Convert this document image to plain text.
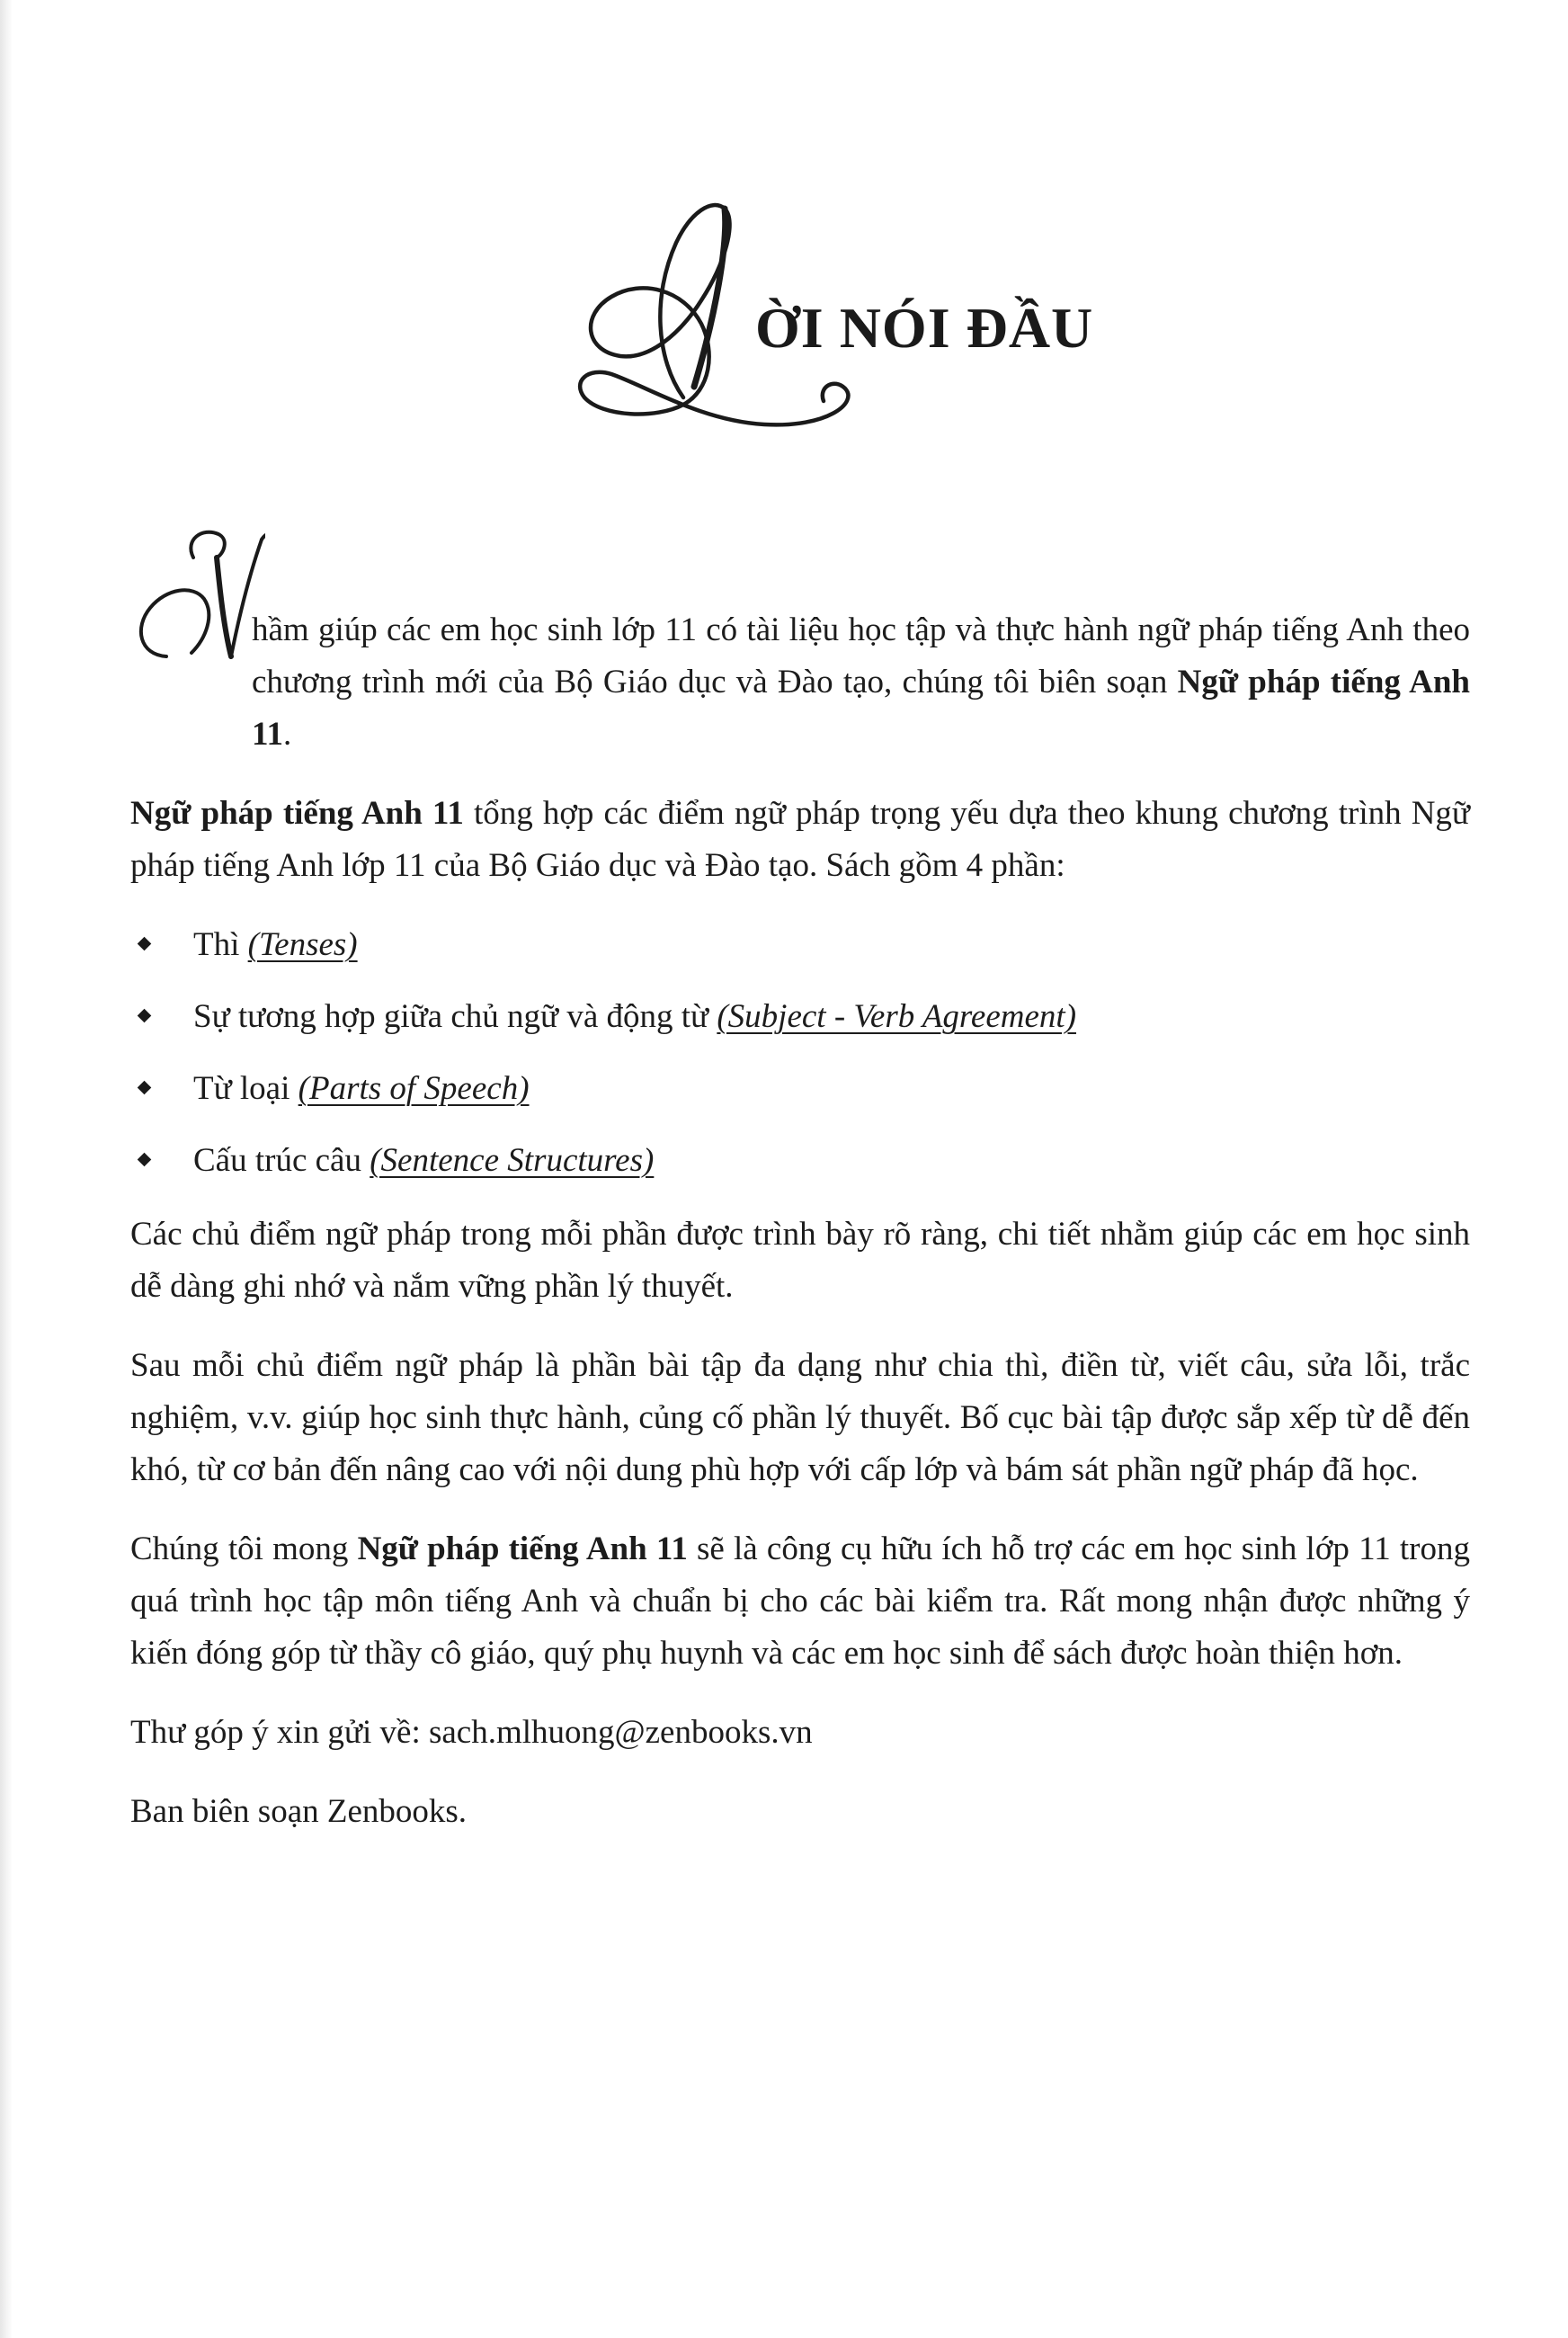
ỜI NÓI ĐẦU
hầm giúp các em học sinh lớp 11 có tài liệu học tập và thực hành ngữ pháp tiếng Anh theo chương trình mới của Bộ Giáo dục và Đào tạo, chúng tôi biên soạn Ngữ pháp tiếng Anh 11.

Ngữ pháp tiếng Anh 11 tổng hợp các điểm ngữ pháp trọng yếu dựa theo khung chương trình Ngữ pháp tiếng Anh lớp 11 của Bộ Giáo dục và Đào tạo. Sách gồm 4 phần:

Thì (Tenses)
Sự tương hợp giữa chủ ngữ và động từ (Subject - Verb Agreement)
Từ loại (Parts of Speech)
Cấu trúc câu (Sentence Structures)

Các chủ điểm ngữ pháp trong mỗi phần được trình bày rõ ràng, chi tiết nhằm giúp các em học sinh dễ dàng ghi nhớ và nắm vững phần lý thuyết.

Sau mỗi chủ điểm ngữ pháp là phần bài tập đa dạng như chia thì, điền từ, viết câu, sửa lỗi, trắc nghiệm, v.v. giúp học sinh thực hành, củng cố phần lý thuyết. Bố cục bài tập được sắp xếp từ dễ đến khó, từ cơ bản đến nâng cao với nội dung phù hợp với cấp lớp và bám sát phần ngữ pháp đã học.

Chúng tôi mong Ngữ pháp tiếng Anh 11 sẽ là công cụ hữu ích hỗ trợ các em học sinh lớp 11 trong quá trình học tập môn tiếng Anh và chuẩn bị cho các bài kiểm tra. Rất mong nhận được những ý kiến đóng góp từ thầy cô giáo, quý phụ huynh và các em học sinh để sách được hoàn thiện hơn.

Thư góp ý xin gửi về: sach.mlhuong@zenbooks.vn

Ban biên soạn Zenbooks.
